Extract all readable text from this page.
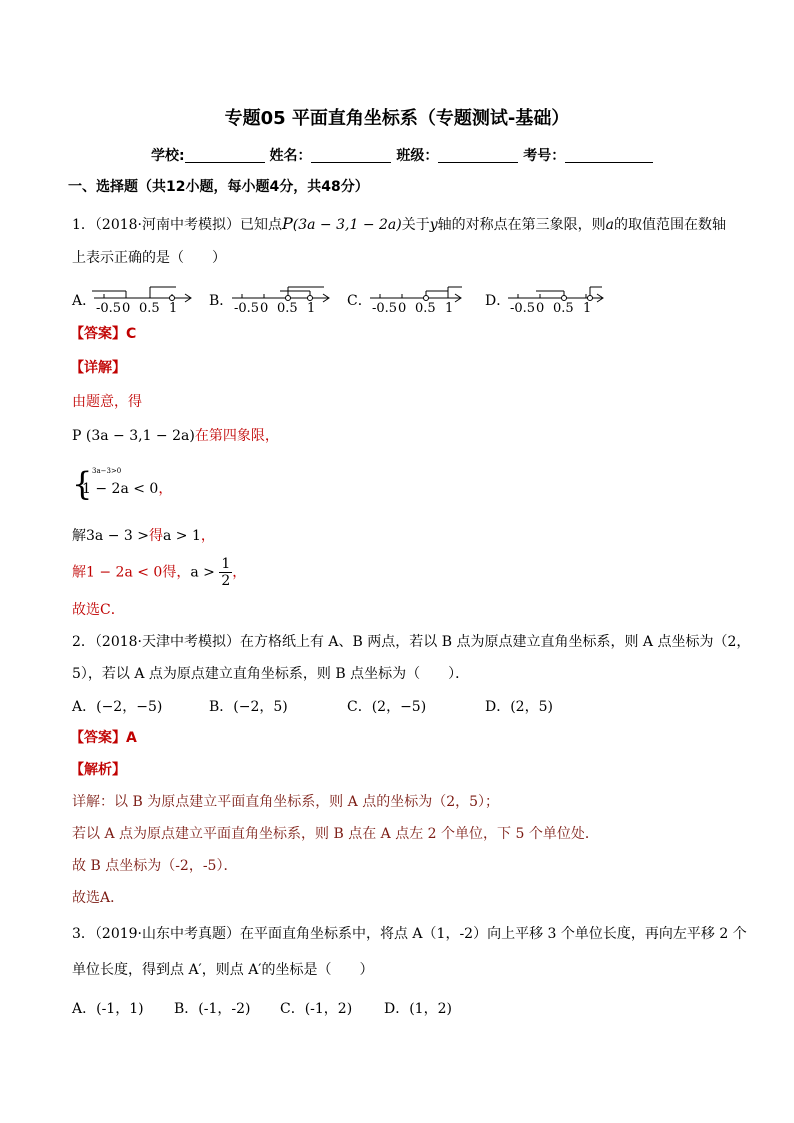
专题05 平面直角坐标系（专题测试-基础）
学校:	姓名：	班级：	考号：
一、选择题（共12小题，每小题4分，共48分）
1．（2018·河南中考模拟）已知点P(3a − 3,1 − 2a)关于y轴的对称点在第三象限，则a的取值范围在数轴
上表示正确的是（　　）
A． -0.5 0 0.5 1 B． -0.5 0 0.5 1 C． -0.5 0 0.5 1 D． -0.5 0 0.5 1
【答案】C
【详解】
由题意，得
P (3a − 3,1 − 2a)在第四象限，
{ 3a−3>0
1 − 2a < 0，
解3a − 3 >得a > 1，
解1 − 2a < 0得，$a > \frac{1}{2}$ ，
故选C．
2．（2018·天津中考模拟）在方格纸上有 A、B 两点，若以 B 点为原点建立直角坐标系，则 A 点坐标为（2，
5），若以 A 点为原点建立直角坐标系，则 B 点坐标为（　　）．
A．(−2，−5)	B．(−2，5)	C．(2，−5)	D．(2，5)
【答案】A
【解析】
详解：以 B 为原点建立平面直角坐标系，则 A 点的坐标为（2，5）；
若以 A 点为原点建立平面直角坐标系，则 B 点在 A 点左 2 个单位，下 5 个单位处．
故 B 点坐标为（-2，-5）．
故选A．
3．（2019·山东中考真题）在平面直角坐标系中，将点 A（1，-2）向上平移 3 个单位长度，再向左平移 2 个
单位长度，得到点 A′，则点 A′的坐标是（　　）
A．(-1，1) B．(-1，-2) C．(-1，2) D．(1，2)
